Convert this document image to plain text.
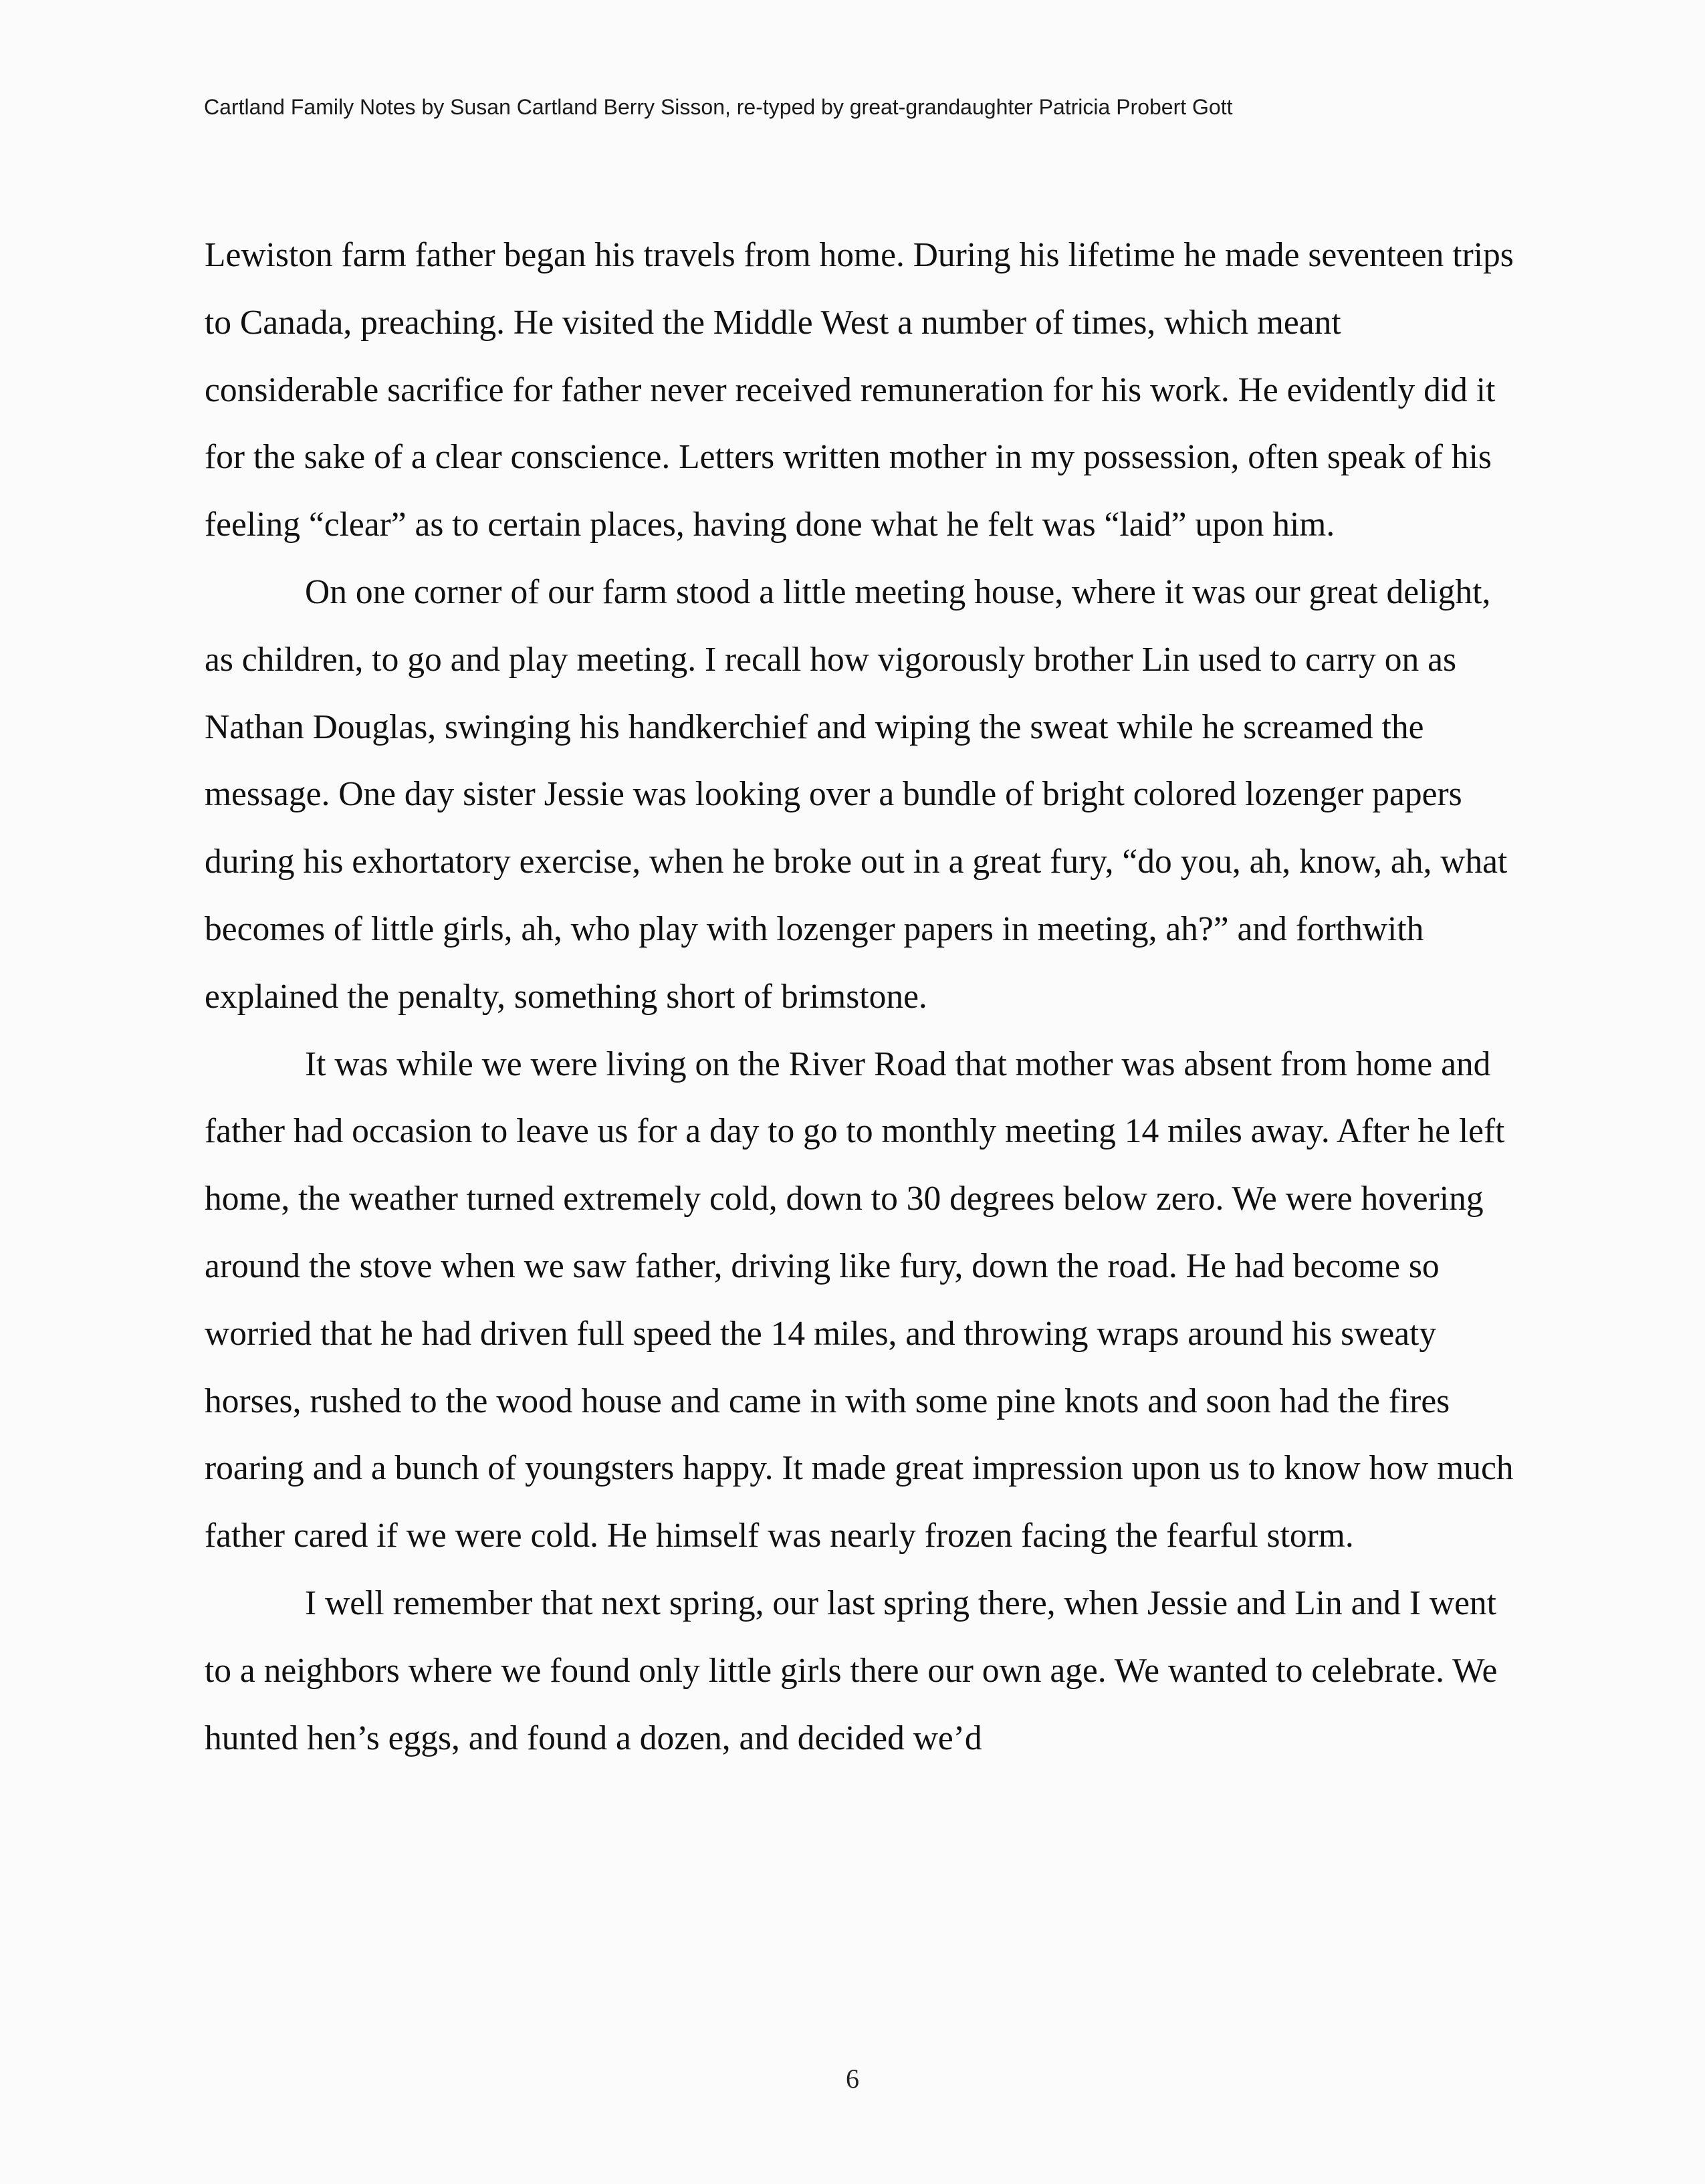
Cartland Family Notes by Susan Cartland Berry Sisson, re-typed by great-grandaughter Patricia Probert Gott

Lewiston farm father began his travels from home. During his lifetime he made seventeen trips to Canada, preaching. He visited the Middle West a number of times, which meant considerable sacrifice for father never received remuneration for his work. He evidently did it for the sake of a clear conscience. Letters written mother in my possession, often speak of his feeling “clear” as to certain places, having done what he felt was “laid” upon him.

On one corner of our farm stood a little meeting house, where it was our great delight, as children, to go and play meeting. I recall how vigorously brother Lin used to carry on as Nathan Douglas, swinging his handkerchief and wiping the sweat while he screamed the message. One day sister Jessie was looking over a bundle of bright colored lozenger papers during his exhortatory exercise, when he broke out in a great fury, “do you, ah, know, ah, what becomes of little girls, ah, who play with lozenger papers in meeting, ah?” and forthwith explained the penalty, something short of brimstone.

It was while we were living on the River Road that mother was absent from home and father had occasion to leave us for a day to go to monthly meeting 14 miles away. After he left home, the weather turned extremely cold, down to 30 degrees below zero. We were hovering around the stove when we saw father, driving like fury, down the road. He had become so worried that he had driven full speed the 14 miles, and throwing wraps around his sweaty horses, rushed to the wood house and came in with some pine knots and soon had the fires roaring and a bunch of youngsters happy. It made great impression upon us to know how much father cared if we were cold. He himself was nearly frozen facing the fearful storm.

I well remember that next spring, our last spring there, when Jessie and Lin and I went to a neighbors where we found only little girls there our own age. We wanted to celebrate. We hunted hen’s eggs, and found a dozen, and decided we’d

6
